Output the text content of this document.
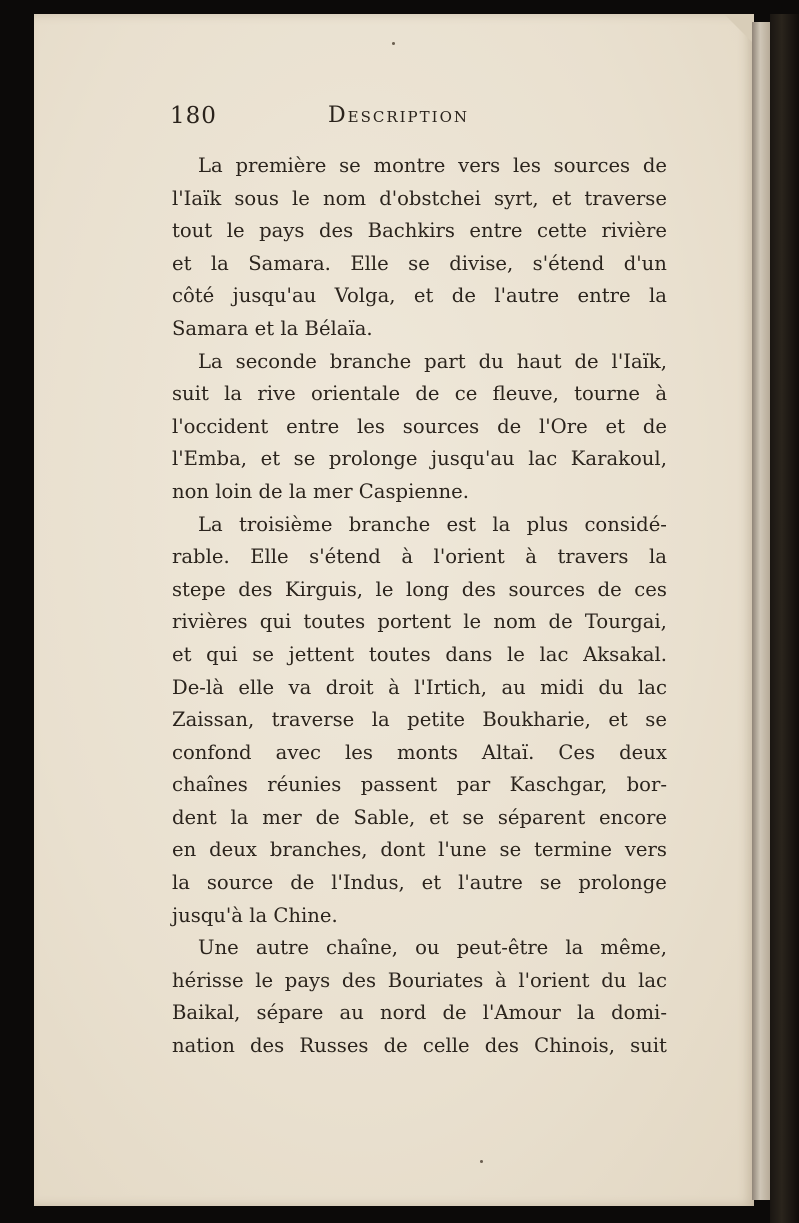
180	Description
La première se montre vers les sources de
l'Iaïk sous le nom d'obstchei syrt, et traverse
tout le pays des Bachkirs entre cette rivière
et la Samara. Elle se divise, s'étend d'un
côté jusqu'au Volga, et de l'autre entre la
Samara et la Bélaïa.
La seconde branche part du haut de l'Iaïk,
suit la rive orientale de ce fleuve, tourne à
l'occident entre les sources de l'Ore et de
l'Emba, et se prolonge jusqu'au lac Karakoul,
non loin de la mer Caspienne.
La troisième branche est la plus considé-
rable. Elle s'étend à l'orient à travers la
stepe des Kirguis, le long des sources de ces
rivières qui toutes portent le nom de Tourgai,
et qui se jettent toutes dans le lac Aksakal.
De-là elle va droit à l'Irtich, au midi du lac
Zaissan, traverse la petite Boukharie, et se
confond avec les monts Altaï. Ces deux
chaînes réunies passent par Kaschgar, bor-
dent la mer de Sable, et se séparent encore
en deux branches, dont l'une se termine vers
la source de l'Indus, et l'autre se prolonge
jusqu'à la Chine.
Une autre chaîne, ou peut-être la même,
hérisse le pays des Bouriates à l'orient du lac
Baikal, sépare au nord de l'Amour la domi-
nation des Russes de celle des Chinois, suit
